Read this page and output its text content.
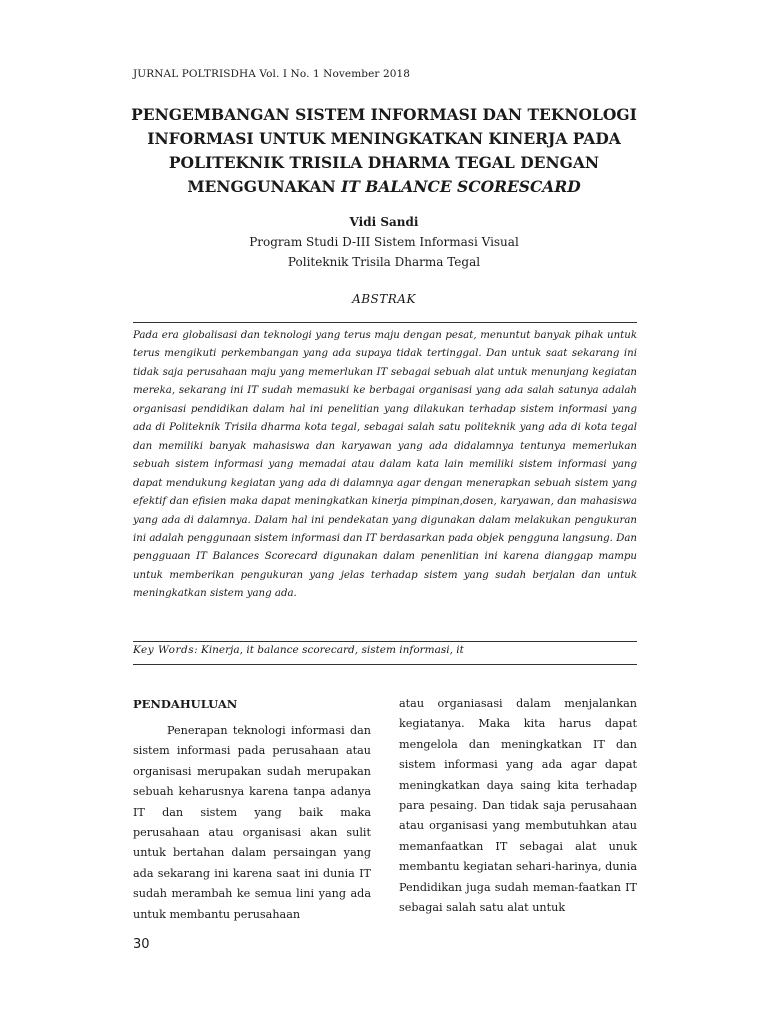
JURNAL POLTRISDHA Vol. I No. 1 November 2018
PENGEMBANGAN SISTEM INFORMASI DAN TEKNOLOGI INFORMASI UNTUK MENINGKATKAN KINERJA PADA POLITEKNIK TRISILA DHARMA TEGAL DENGAN MENGGUNAKAN IT BALANCE SCORESCARD
Vidi Sandi
Program Studi D-III Sistem Informasi Visual
Politeknik Trisila Dharma Tegal
ABSTRAK

Pada era globalisasi dan teknologi yang terus maju dengan pesat, menuntut banyak pihak untuk terus mengikuti perkembangan yang ada supaya tidak tertinggal. Dan untuk saat sekarang ini tidak saja perusahaan maju yang memerlukan IT sebagai sebuah alat untuk menunjang kegiatan mereka, sekarang ini IT sudah memasuki ke berbagai organisasi yang ada salah satunya adalah organisasi pendidikan dalam hal ini penelitian yang dilakukan terhadap sistem informasi yang ada di Politeknik Trisila dharma kota tegal, sebagai salah satu politeknik yang ada di kota tegal dan memiliki banyak mahasiswa dan karyawan yang ada didalamnya tentunya memerlukan sebuah sistem informasi yang memadai atau dalam kata lain memiliki sistem informasi yang dapat mendukung kegiatan yang ada di dalamnya agar dengan menerapkan sebuah sistem yang efektif dan efisien maka dapat meningkatkan kinerja pimpinan,dosen, karyawan, dan mahasiswa yang ada di dalamnya. Dalam hal ini pendekatan yang digunakan dalam melakukan pengukuran ini adalah penggunaan sistem informasi dan IT berdasarkan pada objek pengguna langsung. Dan pengguaan IT Balances Scorecard digunakan dalam penenlitian ini karena dianggap mampu untuk memberikan pengukuran yang jelas terhadap sistem yang sudah berjalan dan untuk meningkatkan sistem yang ada.

Key Words: Kinerja, it balance scorecard, sistem informasi, it
PENDAHULUAN

Penerapan teknologi informasi dan sistem informasi pada perusahaan atau organisasi merupakan sudah merupakan sebuah keharusnya karena tanpa adanya IT dan sistem yang baik maka perusahaan atau organisasi akan sulit untuk bertahan dalam persaingan yang ada sekarang ini karena saat ini dunia IT sudah merambah ke semua lini yang ada untuk membantu perusahaan

atau organiasasi dalam menjalankan kegiatanya. Maka kita harus dapat mengelola dan meningkatkan IT dan sistem informasi yang ada agar dapat meningkatkan daya saing kita terhadap para pesaing. Dan tidak saja perusahaan atau organisasi yang membutuhkan atau memanfaatkan IT sebagai alat unuk membantu kegiatan sehari-harinya, dunia Pendidikan juga sudah meman-faatkan IT sebagai salah satu alat untuk

30
